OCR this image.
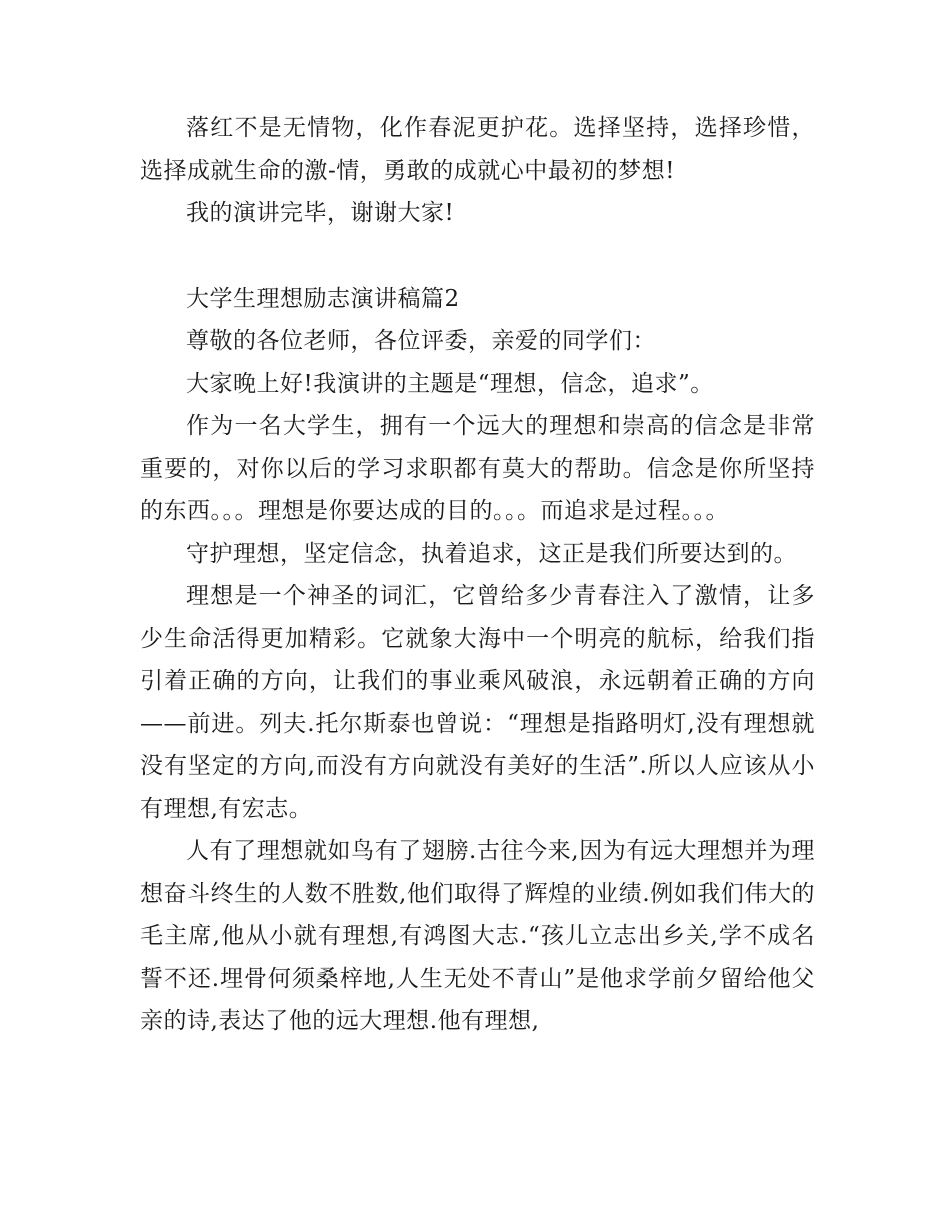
落红不是无情物，化作春泥更护花。选择坚持，选择珍惜，选择成就生命的激-情，勇敢的成就心中最初的梦想!

我的演讲完毕，谢谢大家!

大学生理想励志演讲稿篇2

尊敬的各位老师，各位评委，亲爱的同学们：

大家晚上好!我演讲的主题是“理想，信念，追求”。

作为一名大学生，拥有一个远大的理想和崇高的信念是非常重要的，对你以后的学习求职都有莫大的帮助。信念是你所坚持的东西。。。理想是你要达成的目的。。。而追求是过程。。。

守护理想，坚定信念，执着追求，这正是我们所要达到的。

理想是一个神圣的词汇，它曾给多少青春注入了激情，让多少生命活得更加精彩。它就象大海中一个明亮的航标，给我们指引着正确的方向，让我们的事业乘风破浪，永远朝着正确的方向——前进。列夫.托尔斯泰也曾说：“理想是指路明灯,没有理想就没有坚定的方向,而没有方向就没有美好的生活”.所以人应该从小有理想,有宏志。

人有了理想就如鸟有了翅膀.古往今来,因为有远大理想并为理想奋斗终生的人数不胜数,他们取得了辉煌的业绩.例如我们伟大的毛主席,他从小就有理想,有鸿图大志.“孩儿立志出乡关,学不成名誓不还.埋骨何须桑梓地,人生无处不青山”是他求学前夕留给他父亲的诗,表达了他的远大理想.他有理想,
